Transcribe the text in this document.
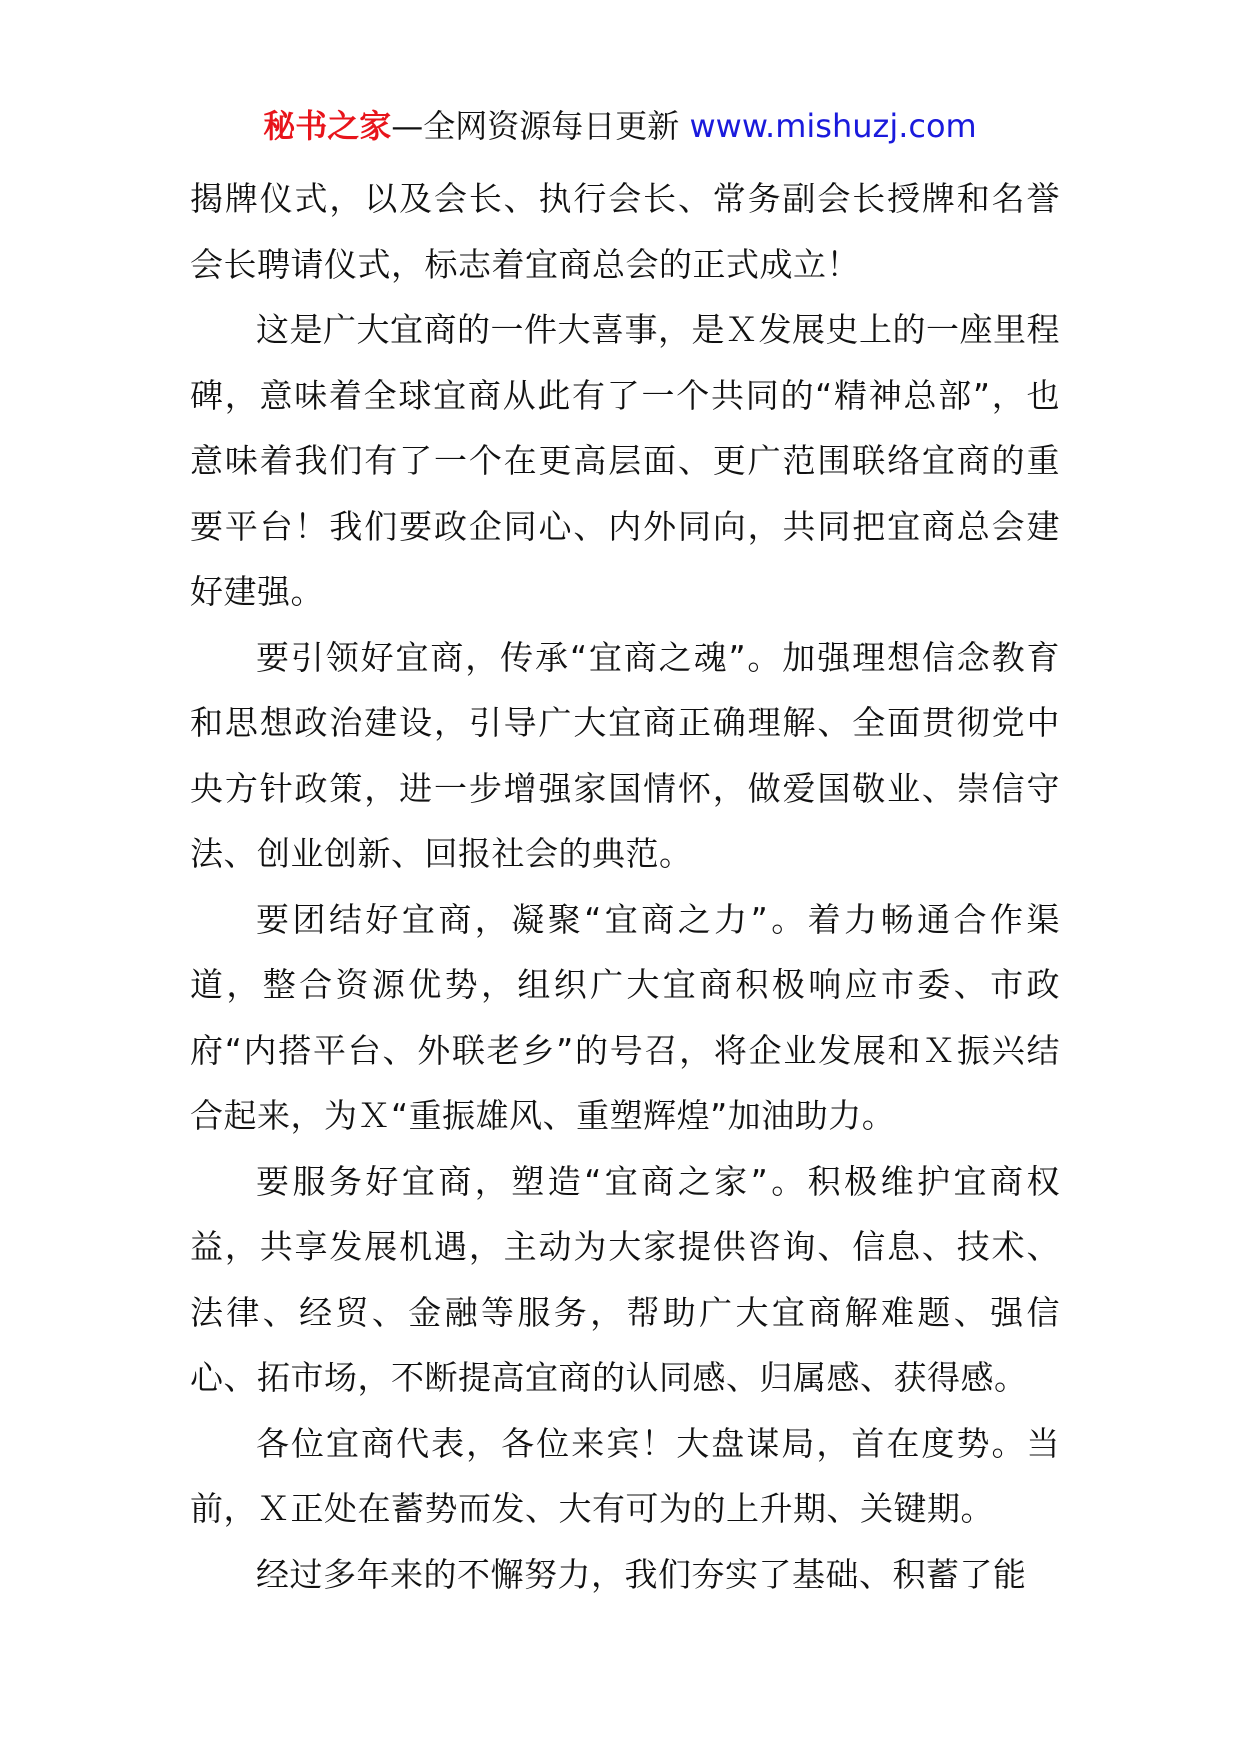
秘书之家—全网资源每日更新 www.mishuzj.com

揭牌仪式，以及会长、执行会长、常务副会长授牌和名誉会长聘请仪式，标志着宜商总会的正式成立！

这是广大宜商的一件大喜事，是Ｘ发展史上的一座里程碑，意味着全球宜商从此有了一个共同的“精神总部”，也意味着我们有了一个在更高层面、更广范围联络宜商的重要平台！我们要政企同心、内外同向，共同把宜商总会建好建强。

要引领好宜商，传承“宜商之魂”。加强理想信念教育和思想政治建设，引导广大宜商正确理解、全面贯彻党中央方针政策，进一步增强家国情怀，做爱国敬业、崇信守法、创业创新、回报社会的典范。

要团结好宜商，凝聚“宜商之力”。着力畅通合作渠道，整合资源优势，组织广大宜商积极响应市委、市政府“内搭平台、外联老乡”的号召，将企业发展和Ｘ振兴结合起来，为Ｘ“重振雄风、重塑辉煌”加油助力。

要服务好宜商，塑造“宜商之家”。积极维护宜商权益，共享发展机遇，主动为大家提供咨询、信息、技术、法律、经贸、金融等服务，帮助广大宜商解难题、强信心、拓市场，不断提高宜商的认同感、归属感、获得感。

各位宜商代表，各位来宾！大盘谋局，首在度势。当前，Ｘ正处在蓄势而发、大有可为的上升期、关键期。

经过多年来的不懈努力，我们夯实了基础、积蓄了能
